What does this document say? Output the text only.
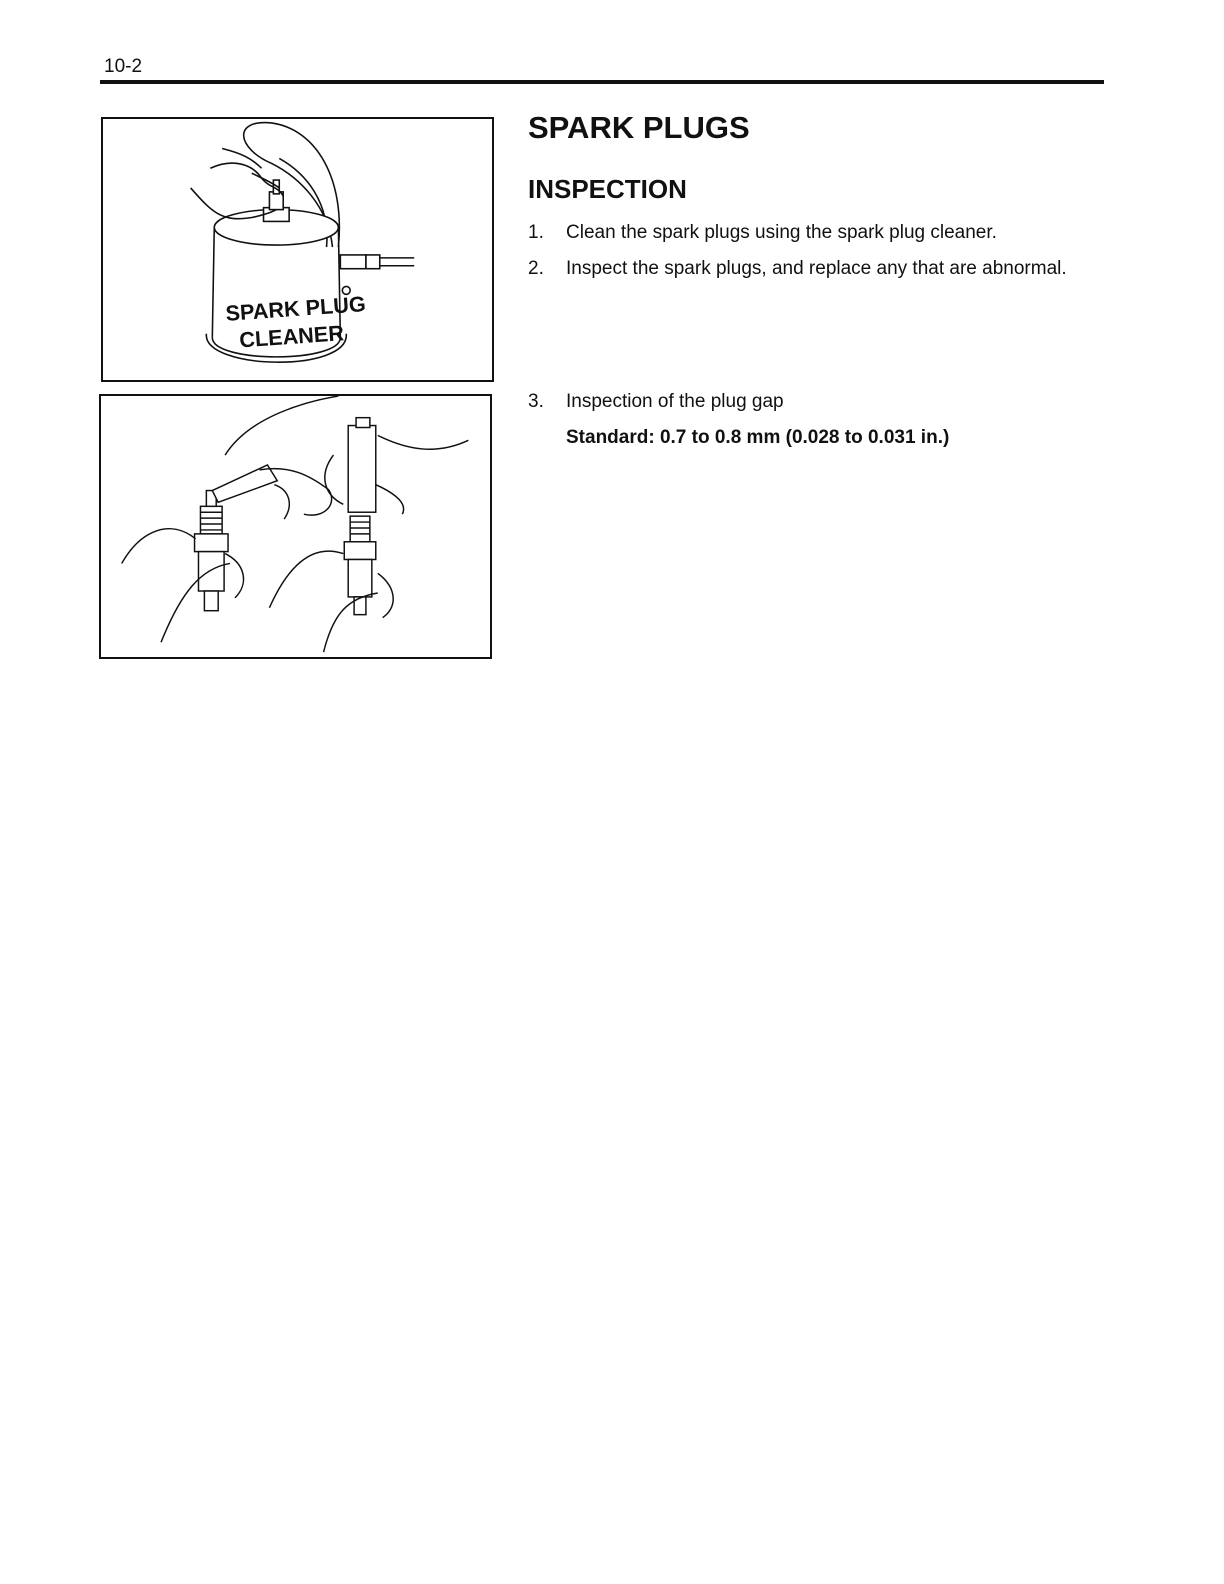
10-2
SPARK PLUG
CLEANER
SPARK PLUGS
INSPECTION
1.	Clean the spark plugs using the spark plug cleaner.
2.	Inspect the spark plugs, and replace any that are abnormal.
3.	Inspection of the plug gap
Standard: 0.7 to 0.8 mm (0.028 to 0.031 in.)
